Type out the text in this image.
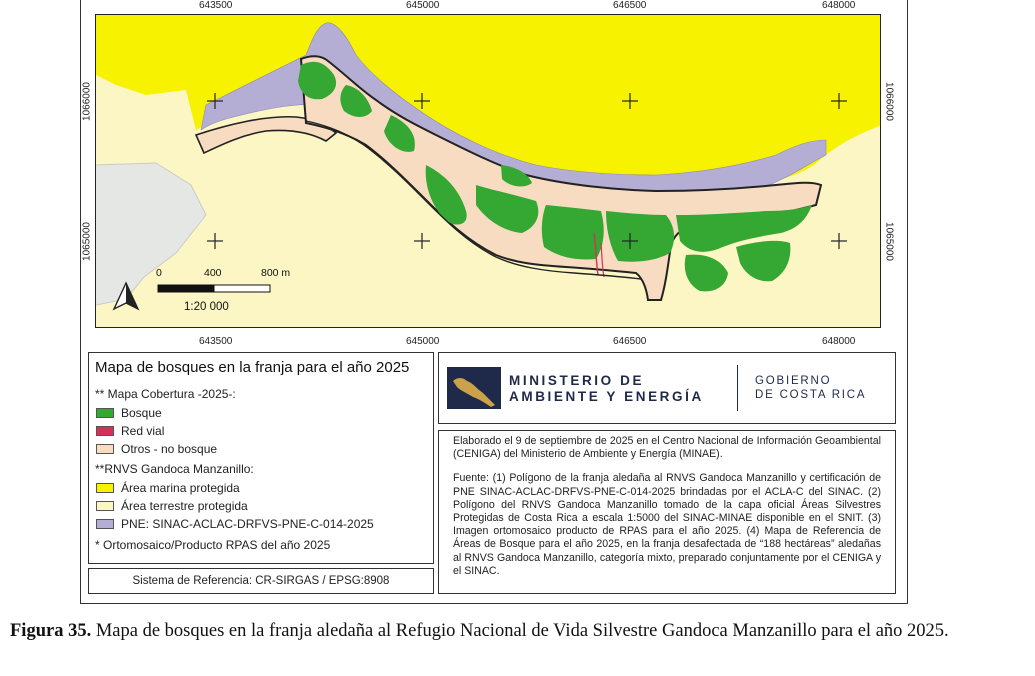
643500	645000	646500	648000
1066000
1065000
1066000
1065000
0	400	800 m
1:20 000
643500	645000	646500	648000
Mapa de bosques en la franja para el año 2025
** Mapa Cobertura -2025-:
Bosque
Red vial
Otros - no bosque
**RNVS Gandoca Manzanillo:
Área marina protegida
Área terrestre protegida
PNE: SINAC-ACLAC-DRFVS-PNE-C-014-2025
* Ortomosaico/Producto RPAS del año 2025
Sistema de Referencia: CR-SIRGAS / EPSG:8908
MINISTERIO DE
AMBIENTE Y ENERGÍA
GOBIERNO
DE COSTA RICA

Elaborado el 9 de septiembre de 2025 en el Centro Nacional de Información Geoambiental (CENIGA) del Ministerio de Ambiente y Energía (MINAE).

Fuente: (1) Polígono de la franja aledaña al RNVS Gandoca Manzanillo y certificación de PNE SINAC-ACLAC-DRFVS-PNE-C-014-2025 brindadas por el ACLA-C del SINAC. (2) Polígono del RNVS Gandoca Manzanillo tomado de la capa oficial Áreas Silvestres Protegidas de Costa Rica a escala 1:5000 del SINAC-MINAE disponible en el SNIT. (3) Imagen ortomosaico producto de RPAS para el año 2025. (4) Mapa de Referencia de Áreas de Bosque para el año 2025, en la franja desafectada de “188 hectáreas” aledañas al RNVS Gandoca Manzanillo, categoría mixto, preparado conjuntamente por el CENIGA y el SINAC.

Figura 35. Mapa de bosques en la franja aledaña al Refugio Nacional de Vida Silvestre Gandoca Manzanillo para el año 2025.
